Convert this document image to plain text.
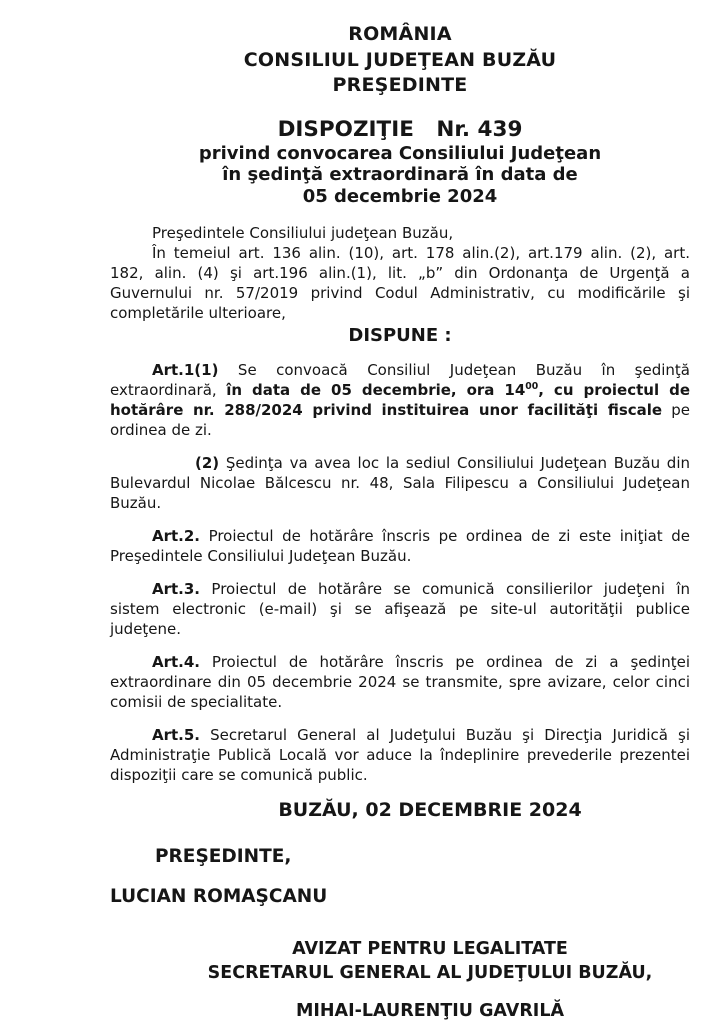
ROMÂNIA
CONSILIUL JUDEŢEAN BUZĂU
PREŞEDINTE
DISPOZIŢIE   Nr. 439
privind convocarea Consiliului Judeţean
în şedinţă extraordinară în data de
05 decembrie 2024

Preşedintele Consiliului judeţean Buzău,

În temeiul art. 136 alin. (10), art. 178 alin.(2), art.179 alin. (2), art. 182, alin. (4) şi art.196 alin.(1), lit. „b” din Ordonanţa de Urgenţă a Guvernului nr. 57/2019 privind Codul Administrativ, cu modificările şi completările ulterioare,

DISPUNE :

Art.1(1) Se convoacă Consiliul Judeţean Buzău în şedinţă extraordinară, în data de 05 decembrie, ora $14^{00}$, cu proiectul de hotărâre nr. 288/2024 privind instituirea unor facilităţi fiscale pe ordinea de zi.

(2) Şedinţa va avea loc la sediul Consiliului Judeţean Buzău din Bulevardul Nicolae Bălcescu nr. 48, Sala Filipescu a Consiliului Judeţean Buzău.

Art.2. Proiectul de hotărâre înscris pe ordinea de zi este iniţiat de Preşedintele Consiliului Judeţean Buzău.

Art.3. Proiectul de hotărâre se comunică consilierilor judeţeni în sistem electronic (e-mail) şi se afişează pe site-ul autorităţii publice judeţene.

Art.4. Proiectul de hotărâre înscris pe ordinea de zi a şedinţei extraordinare din 05 decembrie 2024 se transmite, spre avizare, celor cinci comisii de specialitate.

Art.5. Secretarul General al Judeţului Buzău şi Direcţia Juridică şi Administraţie Publică Locală vor aduce la îndeplinire prevederile prezentei dispoziţii care se comunică public.

BUZĂU, 02 DECEMBRIE 2024
PREŞEDINTE,
LUCIAN ROMAŞCANU
AVIZAT PENTRU LEGALITATE
SECRETARUL GENERAL AL JUDEŢULUI BUZĂU,
MIHAI-LAURENŢIU GAVRILĂ
